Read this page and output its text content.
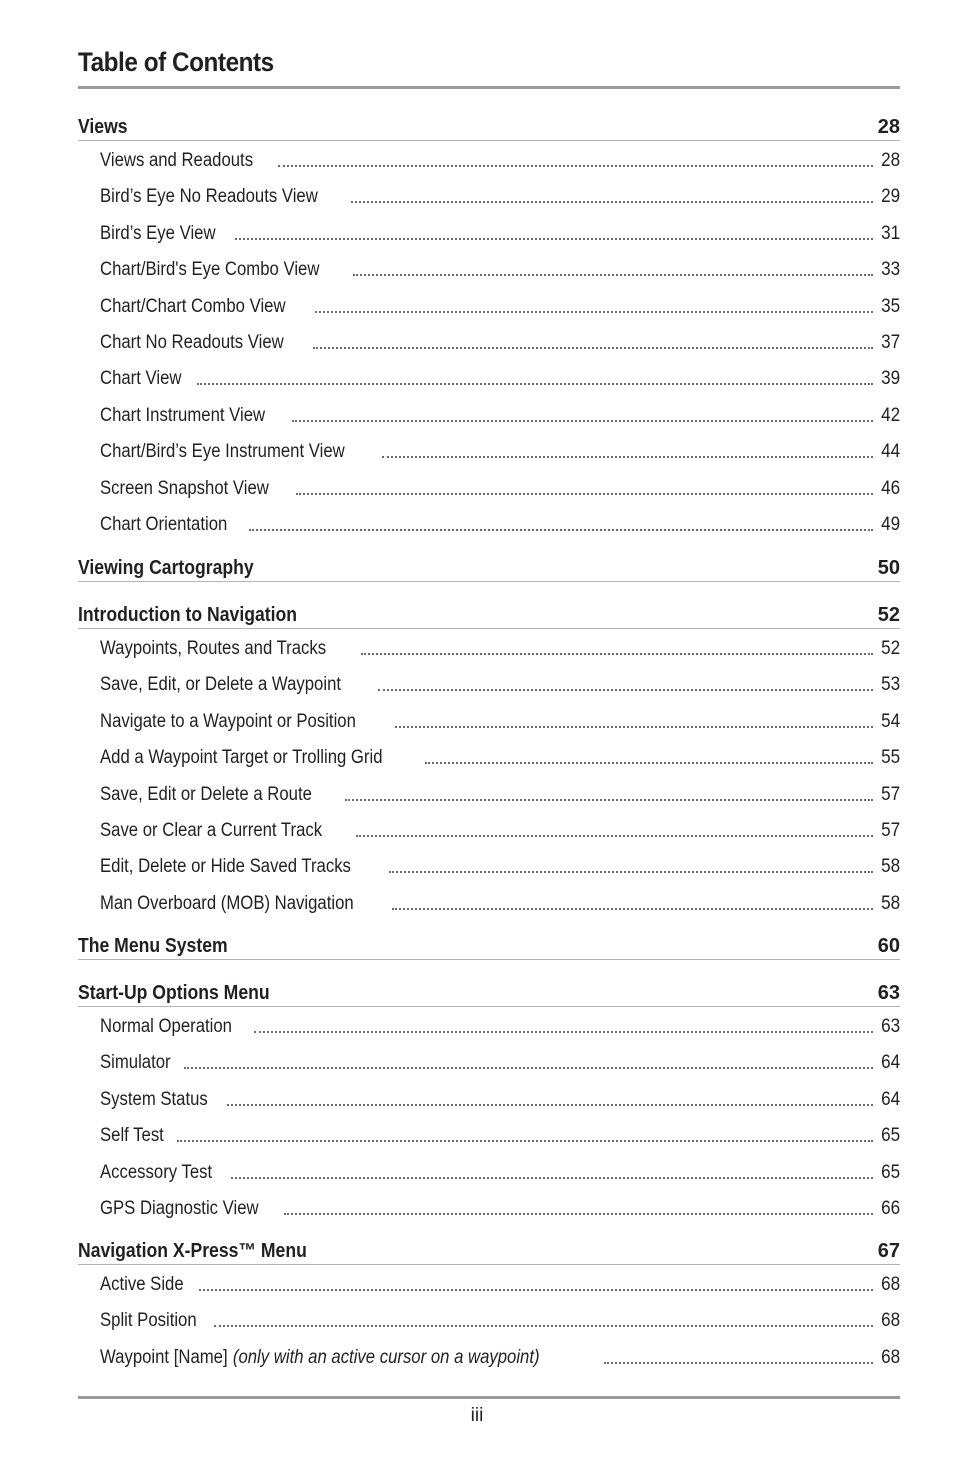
Table of Contents
Views	28
Views and Readouts	28
Bird’s Eye No Readouts View	29
Bird’s Eye View	31
Chart/Bird's Eye Combo View	33
Chart/Chart Combo View	35
Chart No Readouts View	37
Chart View	39
Chart Instrument View	42
Chart/Bird’s Eye Instrument View	44
Screen Snapshot View	46
Chart Orientation	49
Viewing Cartography	50
Introduction to Navigation	52
Waypoints, Routes and Tracks	52
Save, Edit, or Delete a Waypoint	53
Navigate to a Waypoint or Position	54
Add a Waypoint Target or Trolling Grid	55
Save, Edit or Delete a Route	57
Save or Clear a Current Track	57
Edit, Delete or Hide Saved Tracks	58
Man Overboard (MOB) Navigation	58
The Menu System	60
Start-Up Options Menu	63
Normal Operation	63
Simulator	64
System Status	64
Self Test	65
Accessory Test	65
GPS Diagnostic View	66
Navigation X-Press™ Menu	67
Active Side	68
Split Position	68
Waypoint [Name] (only with an active cursor on a waypoint)	68
iii
